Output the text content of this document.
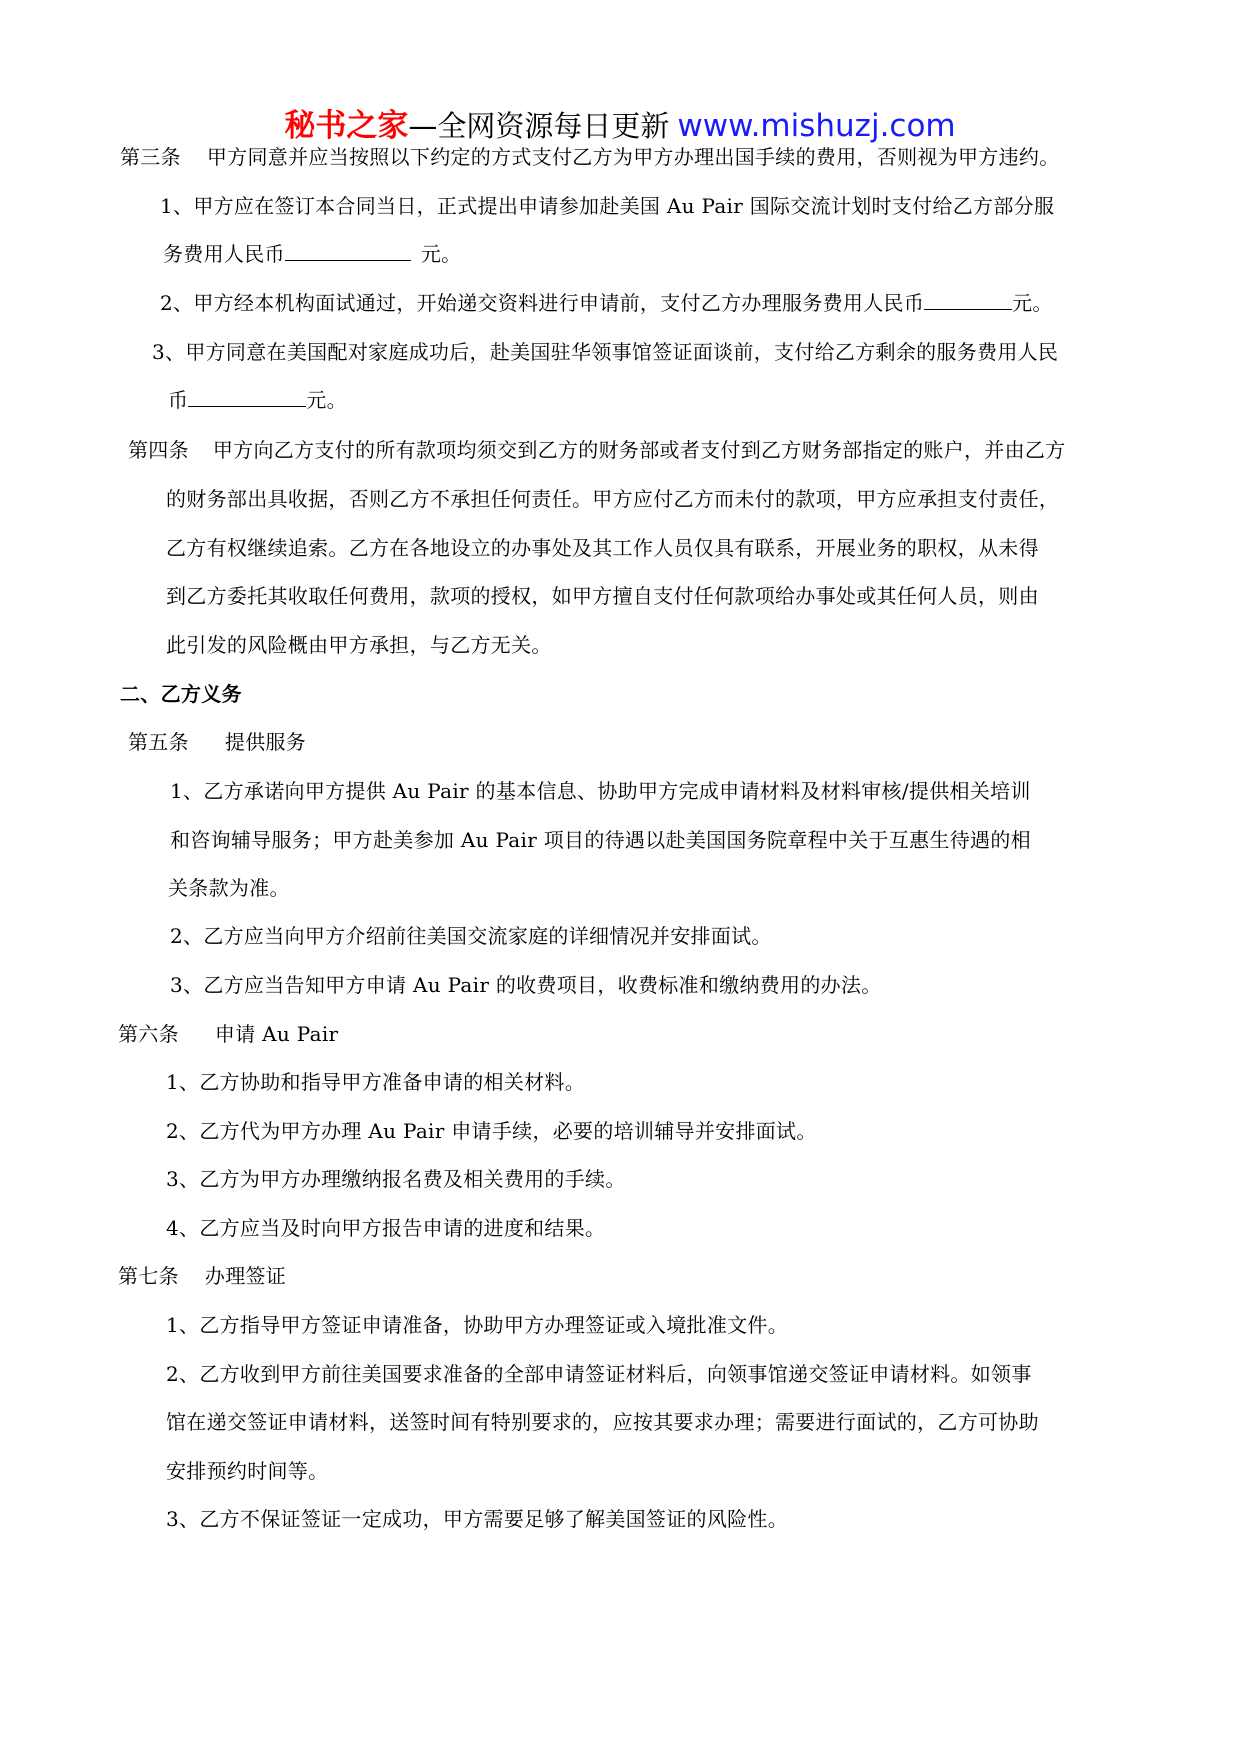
秘书之家—全网资源每日更新 www.mishuzj.com
第三条 甲方同意并应当按照以下约定的方式支付乙方为甲方办理出国手续的费用，否则视为甲方违约。
1、甲方应在签订本合同当日，正式提出申请参加赴美国 Au Pair 国际交流计划时支付给乙方部分服
务费用人民币	元。
2、甲方经本机构面试通过，开始递交资料进行申请前，支付乙方办理服务费用人民币	元。
3、甲方同意在美国配对家庭成功后，赴美国驻华领事馆签证面谈前，支付给乙方剩余的服务费用人民
币	元。
第四条 甲方向乙方支付的所有款项均须交到乙方的财务部或者支付到乙方财务部指定的账户，并由乙方
的财务部出具收据，否则乙方不承担任何责任。甲方应付乙方而未付的款项，甲方应承担支付责任，
乙方有权继续追索。乙方在各地设立的办事处及其工作人员仅具有联系，开展业务的职权，从未得
到乙方委托其收取任何费用，款项的授权，如甲方擅自支付任何款项给办事处或其任何人员，则由
此引发的风险概由甲方承担，与乙方无关。
二、乙方义务
第五条 提供服务
1、乙方承诺向甲方提供 Au Pair 的基本信息、协助甲方完成申请材料及材料审核/提供相关培训
和咨询辅导服务；甲方赴美参加 Au Pair 项目的待遇以赴美国国务院章程中关于互惠生待遇的相
关条款为准。
2、乙方应当向甲方介绍前往美国交流家庭的详细情况并安排面试。
3、乙方应当告知甲方申请 Au Pair 的收费项目，收费标准和缴纳费用的办法。
第六条 申请 Au Pair
1、乙方协助和指导甲方准备申请的相关材料。
2、乙方代为甲方办理 Au Pair 申请手续，必要的培训辅导并安排面试。
3、乙方为甲方办理缴纳报名费及相关费用的手续。
4、乙方应当及时向甲方报告申请的进度和结果。
第七条 办理签证
1、乙方指导甲方签证申请准备，协助甲方办理签证或入境批准文件。
2、乙方收到甲方前往美国要求准备的全部申请签证材料后，向领事馆递交签证申请材料。如领事
馆在递交签证申请材料，送签时间有特别要求的，应按其要求办理；需要进行面试的，乙方可协助
安排预约时间等。
3、乙方不保证签证一定成功，甲方需要足够了解美国签证的风险性。
